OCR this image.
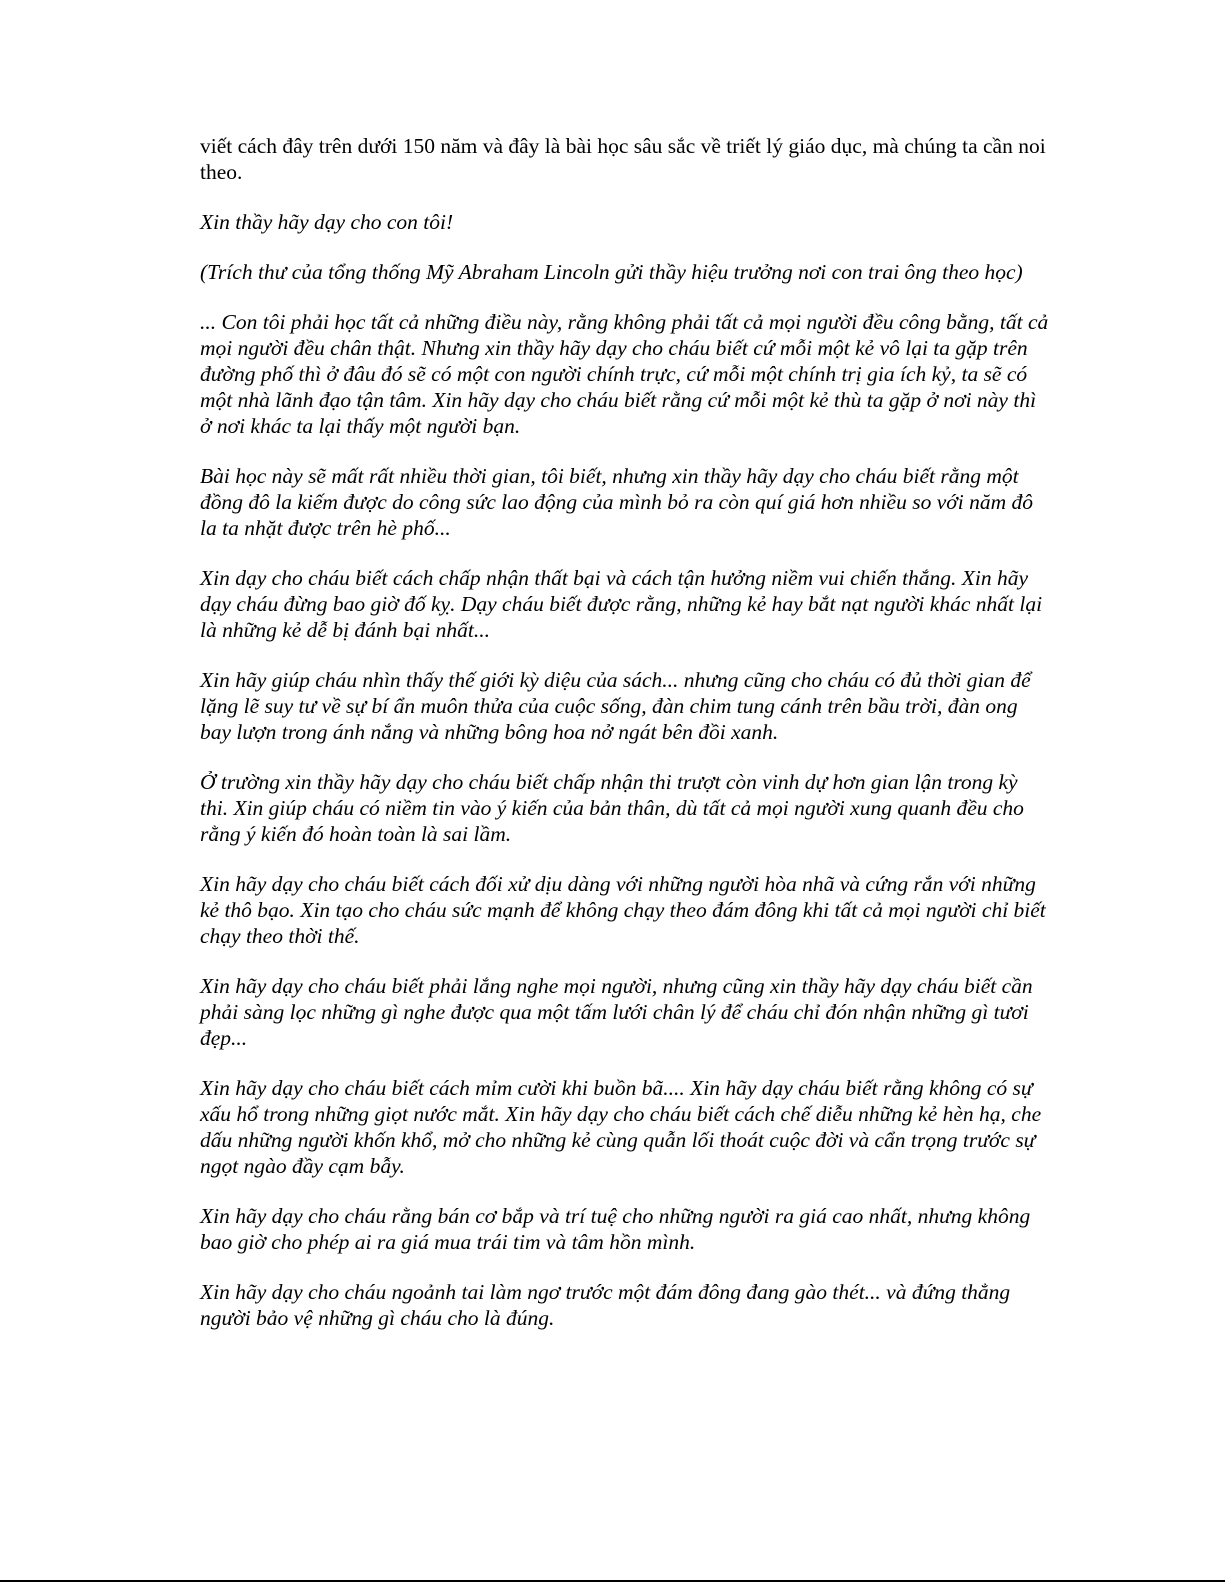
viết cách đây trên dưới 150 năm và đây là bài học sâu sắc về triết lý giáo dục, mà chúng ta cần noi theo.

Xin thầy hãy dạy cho con tôi!

(Trích thư của tổng thống Mỹ Abraham Lincoln gửi thầy hiệu trưởng nơi con trai ông theo học)

... Con tôi phải học tất cả những điều này, rằng không phải tất cả mọi người đều công bằng, tất cả mọi người đều chân thật. Nhưng xin thầy hãy dạy cho cháu biết cứ mỗi một kẻ vô lại ta gặp trên đường phố thì ở đâu đó sẽ có một con người chính trực, cứ mỗi một chính trị gia ích kỷ, ta sẽ có một nhà lãnh đạo tận tâm. Xin hãy dạy cho cháu biết rằng cứ mỗi một kẻ thù ta gặp ở nơi này thì ở nơi khác ta lại thấy một người bạn.

Bài học này sẽ mất rất nhiều thời gian, tôi biết, nhưng xin thầy hãy dạy cho cháu biết rằng một đồng đô la kiếm được do công sức lao động của mình bỏ ra còn quí giá hơn nhiều so với năm đô la ta nhặt được trên hè phố...

Xin dạy cho cháu biết cách chấp nhận thất bại và cách tận hưởng niềm vui chiến thắng. Xin hãy dạy cháu đừng bao giờ đố kỵ. Dạy cháu biết được rằng, những kẻ hay bắt nạt người khác nhất lại là những kẻ dễ bị đánh bại nhất...

Xin hãy giúp cháu nhìn thấy thế giới kỳ diệu của sách... nhưng cũng cho cháu có đủ thời gian để lặng lẽ suy tư về sự bí ẩn muôn thửa của cuộc sống, đàn chim tung cánh trên bầu trời, đàn ong bay lượn trong ánh nắng và những bông hoa nở ngát bên đồi xanh.

Ở trường xin thầy hãy dạy cho cháu biết chấp nhận thi trượt còn vinh dự hơn gian lận trong kỳ thi. Xin giúp cháu có niềm tin vào ý kiến của bản thân, dù tất cả mọi người xung quanh đều cho rằng ý kiến đó hoàn toàn là sai lầm.

Xin hãy dạy cho cháu biết cách đối xử dịu dàng với những người hòa nhã và cứng rắn với những kẻ thô bạo. Xin tạo cho cháu sức mạnh để không chạy theo đám đông khi tất cả mọi người chỉ biết chạy theo thời thế.

Xin hãy dạy cho cháu biết phải lắng nghe mọi người, nhưng cũng xin thầy hãy dạy cháu biết cần phải sàng lọc những gì nghe được qua một tấm lưới chân lý để cháu chỉ đón nhận những gì tươi đẹp...

Xin hãy dạy cho cháu biết cách mỉm cười khi buồn bã.... Xin hãy dạy cháu biết rằng không có sự xấu hổ trong những giọt nước mắt. Xin hãy dạy cho cháu biết cách chế diễu những kẻ hèn hạ, che dấu những người khốn khổ, mở cho những kẻ cùng quẫn lối thoát cuộc đời và cẩn trọng trước sự ngọt ngào đầy cạm bẫy.

Xin hãy dạy cho cháu rằng bán cơ bắp và trí tuệ cho những người ra giá cao nhất, nhưng không bao giờ cho phép ai ra giá mua trái tim và tâm hồn mình.

Xin hãy dạy cho cháu ngoảnh tai làm ngơ trước một đám đông đang gào thét... và đứng thẳng người bảo vệ những gì cháu cho là đúng.
